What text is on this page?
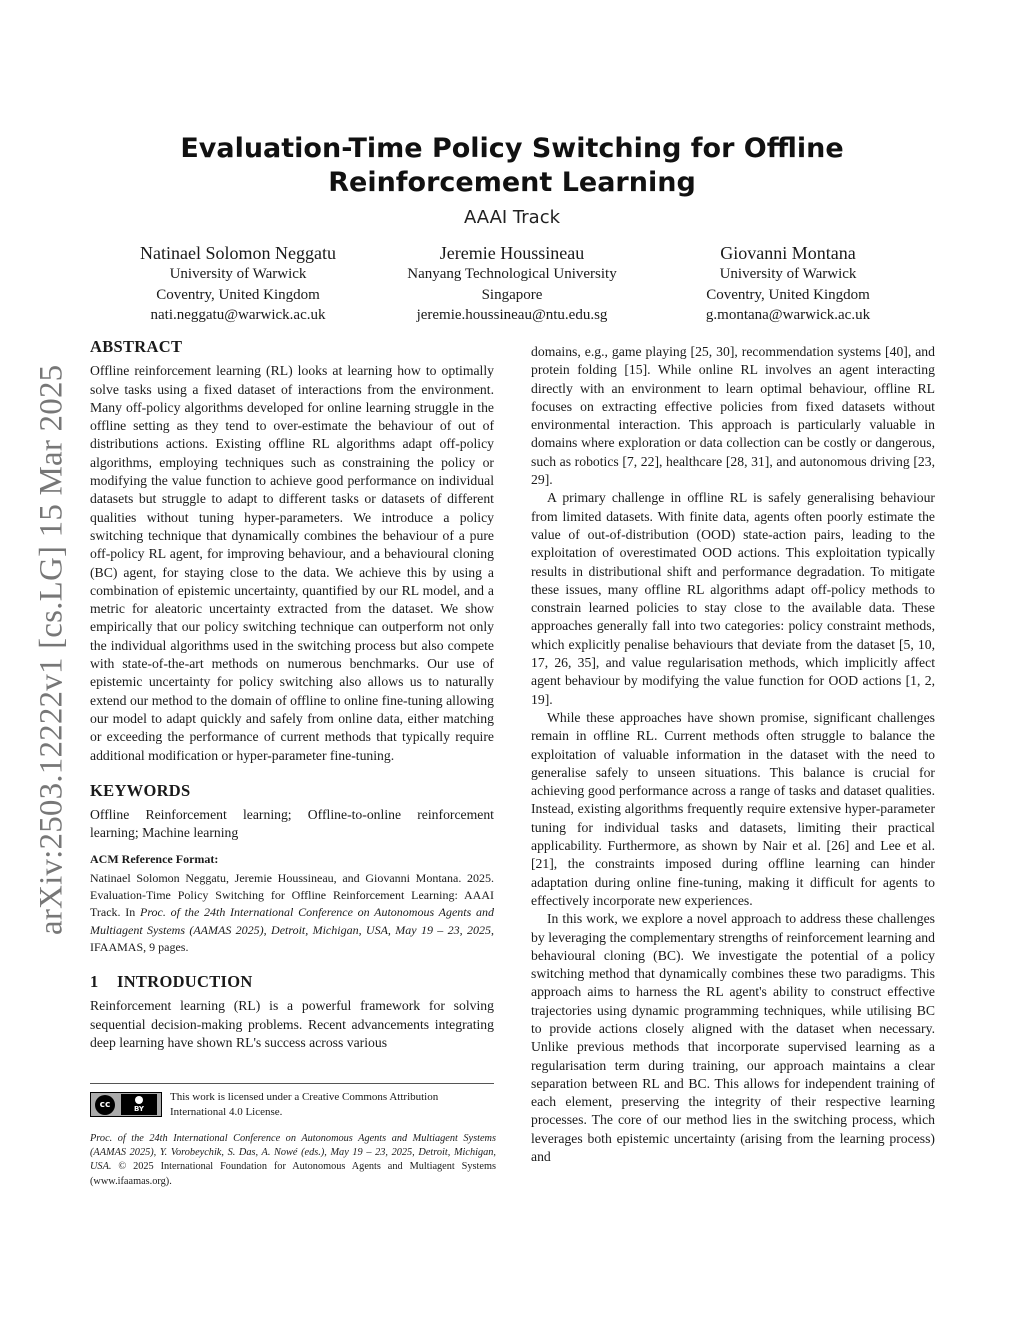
arXiv:2503.12222v1 [cs.LG] 15 Mar 2025
Evaluation-Time Policy Switching for Offline Reinforcement Learning
AAAI Track
Natinael Solomon Neggatu
University of Warwick
Coventry, United Kingdom
nati.neggatu@warwick.ac.uk
Jeremie Houssineau
Nanyang Technological University
Singapore
jeremie.houssineau@ntu.edu.sg
Giovanni Montana
University of Warwick
Coventry, United Kingdom
g.montana@warwick.ac.uk
ABSTRACT

Offline reinforcement learning (RL) looks at learning how to optimally solve tasks using a fixed dataset of interactions from the environment. Many off-policy algorithms developed for online learning struggle in the offline setting as they tend to over-estimate the behaviour of out of distributions actions. Existing offline RL algorithms adapt off-policy algorithms, employing techniques such as constraining the policy or modifying the value function to achieve good performance on individual datasets but struggle to adapt to different tasks or datasets of different qualities without tuning hyper-parameters. We introduce a policy switching technique that dynamically combines the behaviour of a pure off-policy RL agent, for improving behaviour, and a behavioural cloning (BC) agent, for staying close to the data. We achieve this by using a combination of epistemic uncertainty, quantified by our RL model, and a metric for aleatoric uncertainty extracted from the dataset. We show empirically that our policy switching technique can outperform not only the individual algorithms used in the switching process but also compete with state-of-the-art methods on numerous benchmarks. Our use of epistemic uncertainty for policy switching also allows us to naturally extend our method to the domain of offline to online fine-tuning allowing our model to adapt quickly and safely from online data, either matching or exceeding the performance of current methods that typically require additional modification or hyper-parameter fine-tuning.

KEYWORDS

Offline Reinforcement learning; Offline-to-online reinforcement learning; Machine learning

ACM Reference Format:

Natinael Solomon Neggatu, Jeremie Houssineau, and Giovanni Montana. 2025. Evaluation-Time Policy Switching for Offline Reinforcement Learning: AAAI Track. In Proc. of the 24th International Conference on Autonomous Agents and Multiagent Systems (AAMAS 2025), Detroit, Michigan, USA, May 19 – 23, 2025, IFAAMAS, 9 pages.

1 INTRODUCTION

Reinforcement learning (RL) is a powerful framework for solving sequential decision-making problems. Recent advancements integrating deep learning have shown RL's success across various

domains, e.g., game playing [25, 30], recommendation systems [40], and protein folding [15]. While online RL involves an agent interacting directly with an environment to learn optimal behaviour, offline RL focuses on extracting effective policies from fixed datasets without environmental interaction. This approach is particularly valuable in domains where exploration or data collection can be costly or dangerous, such as robotics [7, 22], healthcare [28, 31], and autonomous driving [23, 29].

A primary challenge in offline RL is safely generalising behaviour from limited datasets. With finite data, agents often poorly estimate the value of out-of-distribution (OOD) state-action pairs, leading to the exploitation of overestimated OOD actions. This exploitation typically results in distributional shift and performance degradation. To mitigate these issues, many offline RL algorithms adapt off-policy methods to constrain learned policies to stay close to the available data. These approaches generally fall into two categories: policy constraint methods, which explicitly penalise behaviours that deviate from the dataset [5, 10, 17, 26, 35], and value regularisation methods, which implicitly affect agent behaviour by modifying the value function for OOD actions [1, 2, 19].

While these approaches have shown promise, significant challenges remain in offline RL. Current methods often struggle to balance the exploitation of valuable information in the dataset with the need to generalise safely to unseen situations. This balance is crucial for achieving good performance across a range of tasks and dataset qualities. Instead, existing algorithms frequently require extensive hyper-parameter tuning for individual tasks and datasets, limiting their practical applicability. Furthermore, as shown by Nair et al. [26] and Lee et al. [21], the constraints imposed during offline learning can hinder adaptation during online fine-tuning, making it difficult for agents to effectively incorporate new experiences.

In this work, we explore a novel approach to address these challenges by leveraging the complementary strengths of reinforcement learning and behavioural cloning (BC). We investigate the potential of a policy switching method that dynamically combines these two paradigms. This approach aims to harness the RL agent's ability to construct effective trajectories using dynamic programming techniques, while utilising BC to provide actions closely aligned with the dataset when necessary. Unlike previous methods that incorporate supervised learning as a regularisation term during training, our approach maintains a clear separation between RL and BC. This allows for independent training of each element, preserving the integrity of their respective learning processes. The core of our method lies in the switching process, which leverages both epistemic uncertainty (arising from the learning process) and

cc	BY
This work is licensed under a Creative Commons Attribution International 4.0 License.
Proc. of the 24th International Conference on Autonomous Agents and Multiagent Systems (AAMAS 2025), Y. Vorobeychik, S. Das, A. Nowé (eds.), May 19 – 23, 2025, Detroit, Michigan, USA. © 2025 International Foundation for Autonomous Agents and Multiagent Systems (www.ifaamas.org).
